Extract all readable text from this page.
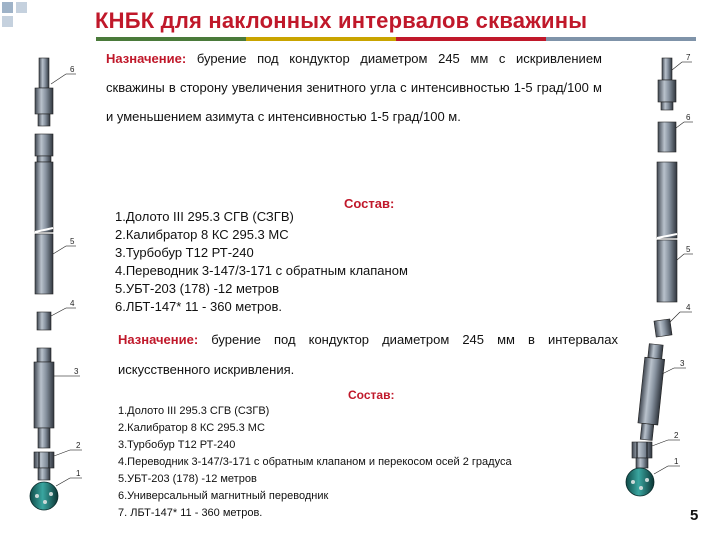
КНБК для наклонных интервалов скважины
Назначение: бурение под кондуктор диаметром 245 мм с искривлением скважины в сторону увеличения зенитного угла с интенсивностью 1-5 град/100 м и уменьшением азимута с интенсивностью 1-5 град/100 м.
Состав:
1.Долото III 295.3 СГВ (СЗГВ)
2.Калибратор 8 КС 295.3 МС
3.Турбобур Т12 РТ-240
4.Переводник 3-147/3-171 с обратным клапаном
5.УБТ-203 (178) -12 метров
6.ЛБТ-147* 11 - 360 метров.
Назначение: бурение под кондуктор диаметром 245 мм в интервалах искусственного искривления.
Состав:
1.Долото III 295.3 СГВ (СЗГВ)
2.Калибратор 8 КС 295.3 МС
3.Турбобур Т12 РТ-240
4.Переводник 3-147/3-171 с обратным клапаном и перекосом осей 2 градуса
5.УБТ-203 (178) -12 метров
6.Универсальный магнитный переводник
7. ЛБТ-147* 11 - 360 метров.	5
6
5
4
3
2
1
7
6
5
4
3
2
1
